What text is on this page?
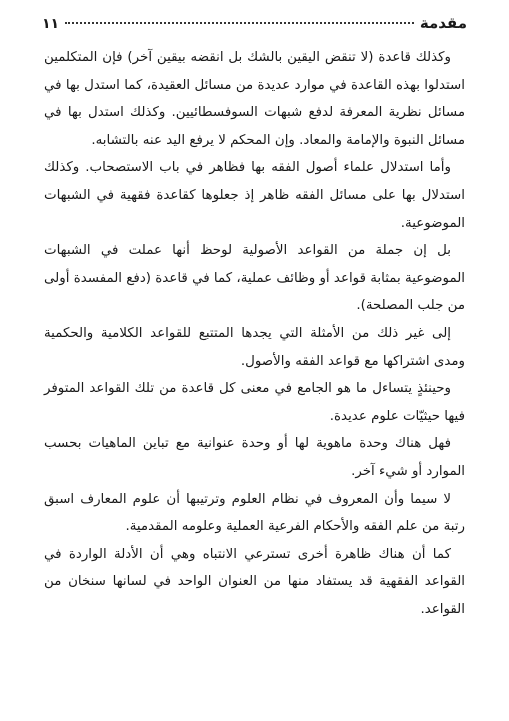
مقدمة
١١

وكذلك قاعدة (لا تنقض اليقين بالشك بل انقضه بيقين آخر) فإن المتكلمين استدلوا بهذه القاعدة في موارد عديدة من مسائل العقيدة، كما استدل بها في مسائل نظرية المعرفة لدفع شبهات السوفسطائيين. وكذلك استدل بها في مسائل النبوة والإمامة والمعاد. وإن المحكم لا يرفع اليد عنه بالتشابه.

وأما استدلال علماء أصول الفقه بها فظاهر في باب الاستصحاب. وكذلك استدلال بها على مسائل الفقه ظاهر إذ جعلوها كقاعدة فقهية في الشبهات الموضوعية.

بل إن جملة من القواعد الأصولية لوحظ أنها عملت في الشبهات الموضوعية بمثابة قواعد أو وظائف عملية، كما في قاعدة (دفع المفسدة أولى من جلب المصلحة).

إلى غير ذلك من الأمثلة التي يجدها المتتبع للقواعد الكلامية والحكمية ومدى اشتراكها مع قواعد الفقه والأصول.

وحينئذٍ يتساءل ما هو الجامع في معنى كل قاعدة من تلك القواعد المتوفر فيها حيثيّات علوم عديدة.

فهل هناك وحدة ماهوية لها أو وحدة عنوانية مع تباين الماهيات بحسب الموارد أو شيء آخر.

لا سيما وأن المعروف في نظام العلوم وترتيبها أن علوم المعارف اسبق رتبة من علم الفقه والأحكام الفرعية العملية وعلومه المقدمية.

كما أن هناك ظاهرة أخرى تسترعي الانتباه وهي أن الأدلة الواردة في القواعد الفقهية قد يستفاد منها من العنوان الواحد في لسانها سنخان من القواعد.
